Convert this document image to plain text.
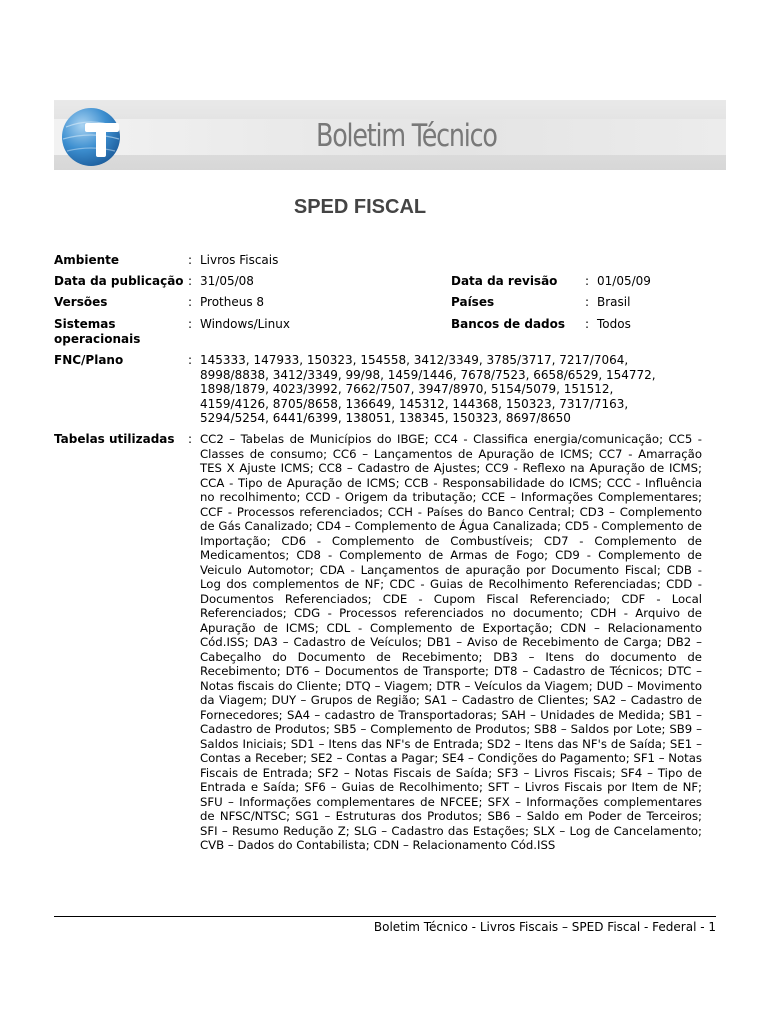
Boletim Técnico
SPED FISCAL
Ambiente	: Livros Fiscais
Data da publicação : 31/05/08	Data da revisão : 01/05/09
Versões	: Protheus 8	Países	: Brasil
Sistemas
operacionais
: Windows/Linux	Bancos de dados : Todos
FNC/Plano	: 145333, 147933, 150323, 154558, 3412/3349, 3785/3717, 7217/7064, 8998/8838, 3412/3349, 99/98, 1459/1446, 7678/7523, 6658/6529, 154772, 1898/1879, 4023/3992, 7662/7507, 3947/8970, 5154/5079, 151512, 4159/4126, 8705/8658, 136649, 145312, 144368, 150323, 7317/7163, 5294/5254, 6441/6399, 138051, 138345, 150323, 8697/8650
Tabelas utilizadas : CC2 – Tabelas de Municípios do IBGE; CC4 - Classifica energia/comunicação; CC5 - Classes de consumo; CC6 – Lançamentos de Apuração de ICMS; CC7 - Amarração TES X Ajuste ICMS; CC8 – Cadastro de Ajustes; CC9 - Reflexo na Apuração de ICMS; CCA - Tipo de Apuração de ICMS; CCB - Responsabilidade do ICMS; CCC - Influência no recolhimento; CCD - Origem da tributação; CCE – Informações Complementares; CCF - Processos referenciados; CCH - Países do Banco Central; CD3 – Complemento de Gás Canalizado; CD4 – Complemento de Água Canalizada; CD5 - Complemento de Importação; CD6 - Complemento de Combustíveis; CD7 - Complemento de Medicamentos; CD8 - Complemento de Armas de Fogo; CD9 - Complemento de Veiculo Automotor; CDA - Lançamentos de apuração por Documento Fiscal; CDB - Log dos complementos de NF; CDC - Guias de Recolhimento Referenciadas; CDD - Documentos Referenciados; CDE - Cupom Fiscal Referenciado; CDF - Local Referenciados; CDG - Processos referenciados no documento; CDH - Arquivo de Apuração de ICMS; CDL - Complemento de Exportação; CDN – Relacionamento Cód.ISS; DA3 – Cadastro de Veículos; DB1 – Aviso de Recebimento de Carga; DB2 – Cabeçalho do Documento de Recebimento; DB3 – Itens do documento de Recebimento; DT6 – Documentos de Transporte; DT8 – Cadastro de Técnicos; DTC – Notas fiscais do Cliente; DTQ – Viagem; DTR – Veículos da Viagem; DUD – Movimento da Viagem; DUY – Grupos de Região; SA1 – Cadastro de Clientes; SA2 – Cadastro de Fornecedores; SA4 – cadastro de Transportadoras; SAH – Unidades de Medida; SB1 – Cadastro de Produtos; SB5 – Complemento de Produtos; SB8 – Saldos por Lote; SB9 – Saldos Iniciais; SD1 – Itens das NF's de Entrada; SD2 – Itens das NF's de Saída; SE1 – Contas a Receber; SE2 – Contas a Pagar; SE4 – Condições do Pagamento; SF1 – Notas Fiscais de Entrada; SF2 – Notas Fiscais de Saída; SF3 – Livros Fiscais; SF4 – Tipo de Entrada e Saída; SF6 – Guias de Recolhimento; SFT – Livros Fiscais por Item de NF; SFU – Informações complementares de NFCEE; SFX – Informações complementares de NFSC/NTSC; SG1 – Estruturas dos Produtos; SB6 – Saldo em Poder de Terceiros; SFI – Resumo Redução Z; SLG – Cadastro das Estações; SLX – Log de Cancelamento; CVB – Dados do Contabilista; CDN – Relacionamento Cód.ISS
Boletim Técnico - Livros Fiscais – SPED Fiscal - Federal - 1
